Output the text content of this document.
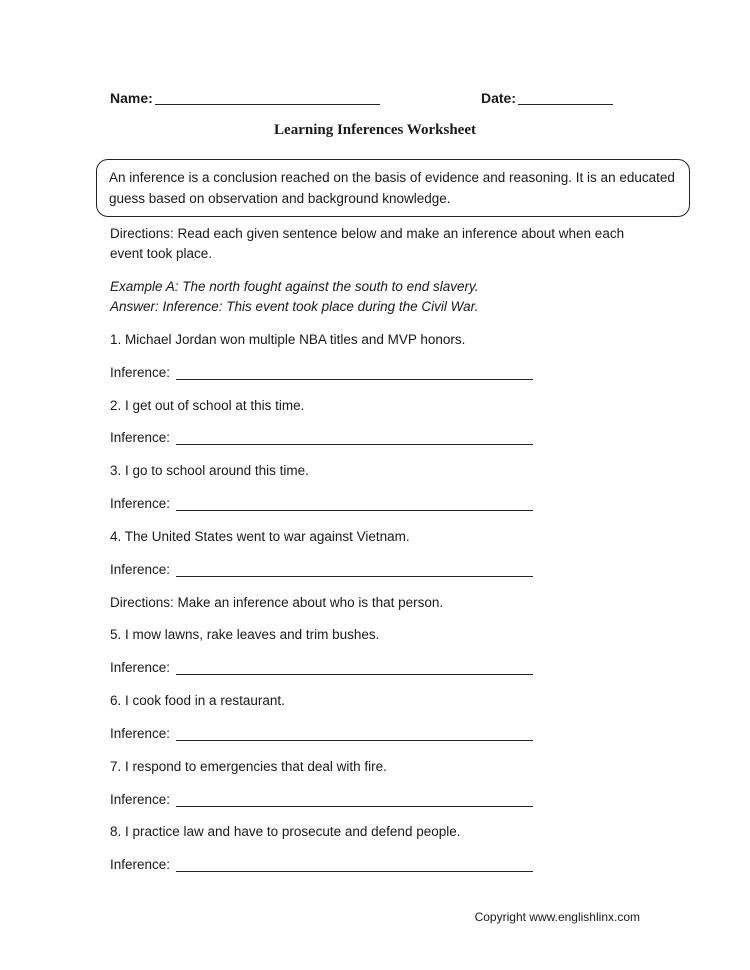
Name:	Date:
Learning Inferences Worksheet
An inference is a conclusion reached on the basis of evidence and reasoning. It is an educated guess based on observation and background knowledge.
Directions: Read each given sentence below and make an inference about when each
event took place.
Example A: The north fought against the south to end slavery.
Answer: Inference: This event took place during the Civil War.
1. Michael Jordan won multiple NBA titles and MVP honors.
Inference:
2. I get out of school at this time.
Inference:
3. I go to school around this time.
Inference:
4. The United States went to war against Vietnam.
Inference:
Directions: Make an inference about who is that person.
5. I mow lawns, rake leaves and trim bushes.
Inference:
6. I cook food in a restaurant.
Inference:
7. I respond to emergencies that deal with fire.
Inference:
8. I practice law and have to prosecute and defend people.
Inference:
Copyright www.englishlinx.com
